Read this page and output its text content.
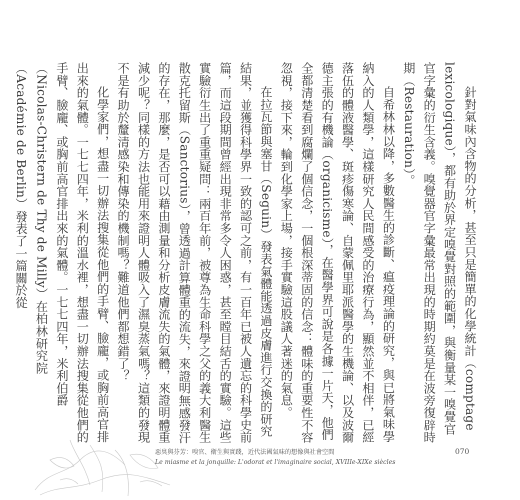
針對氣味內含物的分析，甚至只是簡單的化學統計（comptage lexicologique），都有助於界定嗅覺對照的範圍，與衡量某一嗅覺官官字彙的衍生含義。嗅覺器官字彙最常出現的時期約莫是在波旁復辟時期（Restauration）。

自希林林以降，多數醫生的診斷、瘟疫理論的研究，與已將氣味學納入的人類學，這樣研究人民間感受的治療行為，顯然並不相伴，已經落伍的體液醫學、斑疹傷寒論、自蒙佩里耶派醫學的生機論、以及波爾德主張的有機論（organicisme），在醫學界可說是各據一片天，他們全都清楚看到腐爛了個信念，一個根深蒂固的信念：體味的重要性不容忽視，接下來，輪到化學家上場，接手實驗這股議人著迷的氣息。

在拉瓦節與塞甘（Seguin）發表氣體能透過皮膚進行交換的研究結果，並獲得科學界一致的認可之前，有一百年已被人遺忘的科學史前篇，而這段期間曾經出現非常多令人困惑，甚至瞠目結舌的實驗。這些實驗衍生出了重重疑問：兩百年前，被尊為生命科學之父的義大利醫生散克托留斯（Sanctorius），曾透過計算體重的流失，來證明無感發汗的存在，那麼，是否可以藉由測量和分析皮膚流失的氣體，來證明體重減少呢？同樣的方法也能用來證明人體吸入了濕臭蒸氣嗎？這類的發現不是有助於釐清感染和傳染的機制嗎？難道他們都想錯了？

化學家們，想盡一切辦法搜集從他們的手臂、臉龐，或胸前高官排出來的氣體。一七七四年，米利的溫水裡，想盡一切辦法搜集從他們的手臂、臉龐、或胸前高官排出來的氣體。一七七四年，米利伯爵（Nicolas-Christern de Thy de Milly）在柏林研究院（Académie de Berlin）發表了一篇關於從

惡臭與芬芳：嗅官、衛生與實踐，近代法國氣味的想像與社會空間
Le miasme et la jonquille: L'odorat et l'imaginaire social, XVIIIe-XIXe siècles
070
